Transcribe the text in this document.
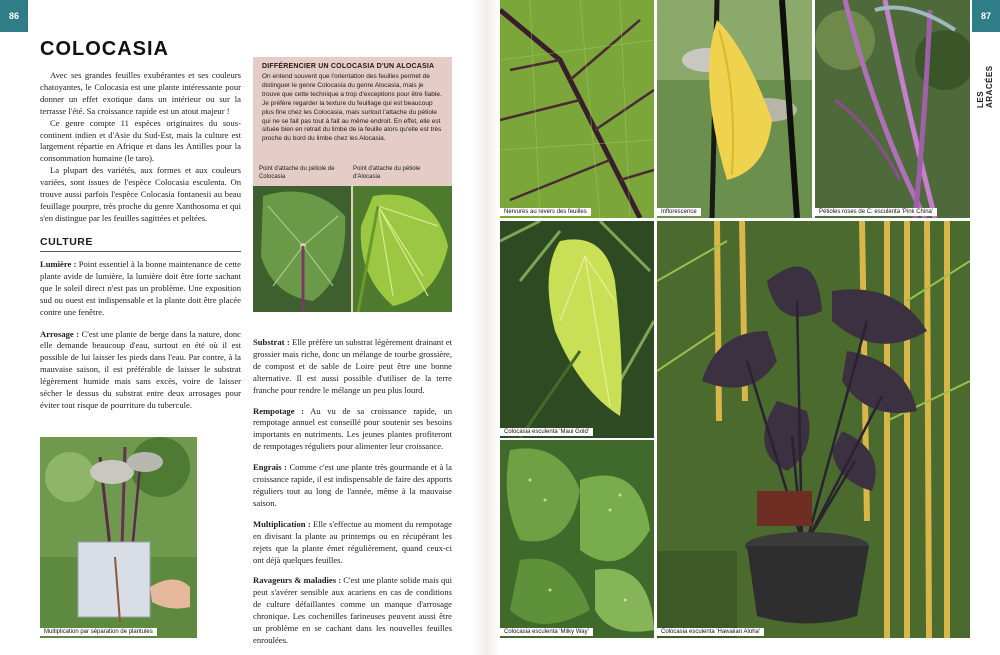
86
COLOCASIA

Avec ses grandes feuilles exubérantes et ses couleurs chatoyantes, le Colocasia est une plante intéressante pour donner un effet exotique dans un intérieur ou sur la terrasse l'été. Sa croissance rapide est un atout majeur !

Ce genre compte 11 espèces originaires du sous-continent indien et d'Asie du Sud-Est, mais la culture est largement répartie en Afrique et dans les Antilles pour la consommation humaine (le taro).

La plupart des variétés, aux formes et aux couleurs variées, sont issues de l'espèce Colocasia esculenta. On trouve aussi parfois l'espèce Colocasia fontanesii au beau feuillage pourpre, très proche du genre Xanthosoma et qui s'en distingue par les feuilles sagittées et peltées.

CULTURE

Lumière : Point essentiel à la bonne maintenance de cette plante avide de lumière, la lumière doit être forte sachant que le soleil direct n'est pas un problème. Une exposition sud ou ouest est indispensable et la plante doit être placée contre une fenêtre.

Arrosage : C'est une plante de berge dans la nature, donc elle demande beaucoup d'eau, surtout en été où il est possible de lui laisser les pieds dans l'eau. Par contre, à la mauvaise saison, il est préférable de laisser le substrat légèrement humide mais sans excès, voire de laisser sécher le dessus du substrat entre deux arrosages pour éviter tout risque de pourriture du tubercule.

Multiplication par séparation de plantules
DIFFÉRENCIER UN COLOCASIA D'UN ALOCASIA
On entend souvent que l'orientation des feuilles permet de distinguer le genre Colocasia du genre Alocasia, mais je trouve que cette technique a trop d'exceptions pour être fiable. Je préfère regarder la texture du feuillage qui est beaucoup plus fine chez les Colocasia, mais surtout l'attache du pétiole qui ne se fait pas tout à fait au même endroit. En effet, elle est située bien en retrait du limbe de la feuille alors qu'elle est très proche du bord du limbe chez les Alocasia.
Point d'attache du pétiole de Colocasia
Point d'attache du pétiole d'Alocasia

Substrat : Elle préfère un substrat légèrement drainant et grossier mais riche, donc un mélange de tourbe grossière, de compost et de sable de Loire peut être une bonne alternative. Il est aussi possible d'utiliser de la terre franche pour rendre le mélange un peu plus lourd.

Rempotage : Au vu de sa croissance rapide, un rempotage annuel est conseillé pour soutenir ses besoins importants en nutriments. Les jeunes plantes profiteront de rempotages réguliers pour alimenter leur croissance.

Engrais : Comme c'est une plante très gourmande et à la croissance rapide, il est indispensable de faire des apports réguliers tout au long de l'année, même à la mauvaise saison.

Multiplication : Elle s'effectue au moment du rempotage en divisant la plante au printemps ou en récupérant les rejets que la plante émet régulièrement, quand ceux-ci ont déjà quelques feuilles.

Ravageurs & maladies : C'est une plante solide mais qui peut s'avérer sensible aux acariens en cas de conditions de culture défaillantes comme un manque d'arrosage chronique. Les cochenilles farineuses peuvent aussi être un problème en se cachant dans les nouvelles feuilles enroulées.

Nervures au revers des feuilles	Inflorescence	Pétioles roses de C. esculenta 'Pink China'
87
LES ARACÉES
Colocasia esculenta 'Maui Gold'
Colocasia esculenta 'Milky Way'	Colocasia esculenta 'Hawaiian Aloha'
